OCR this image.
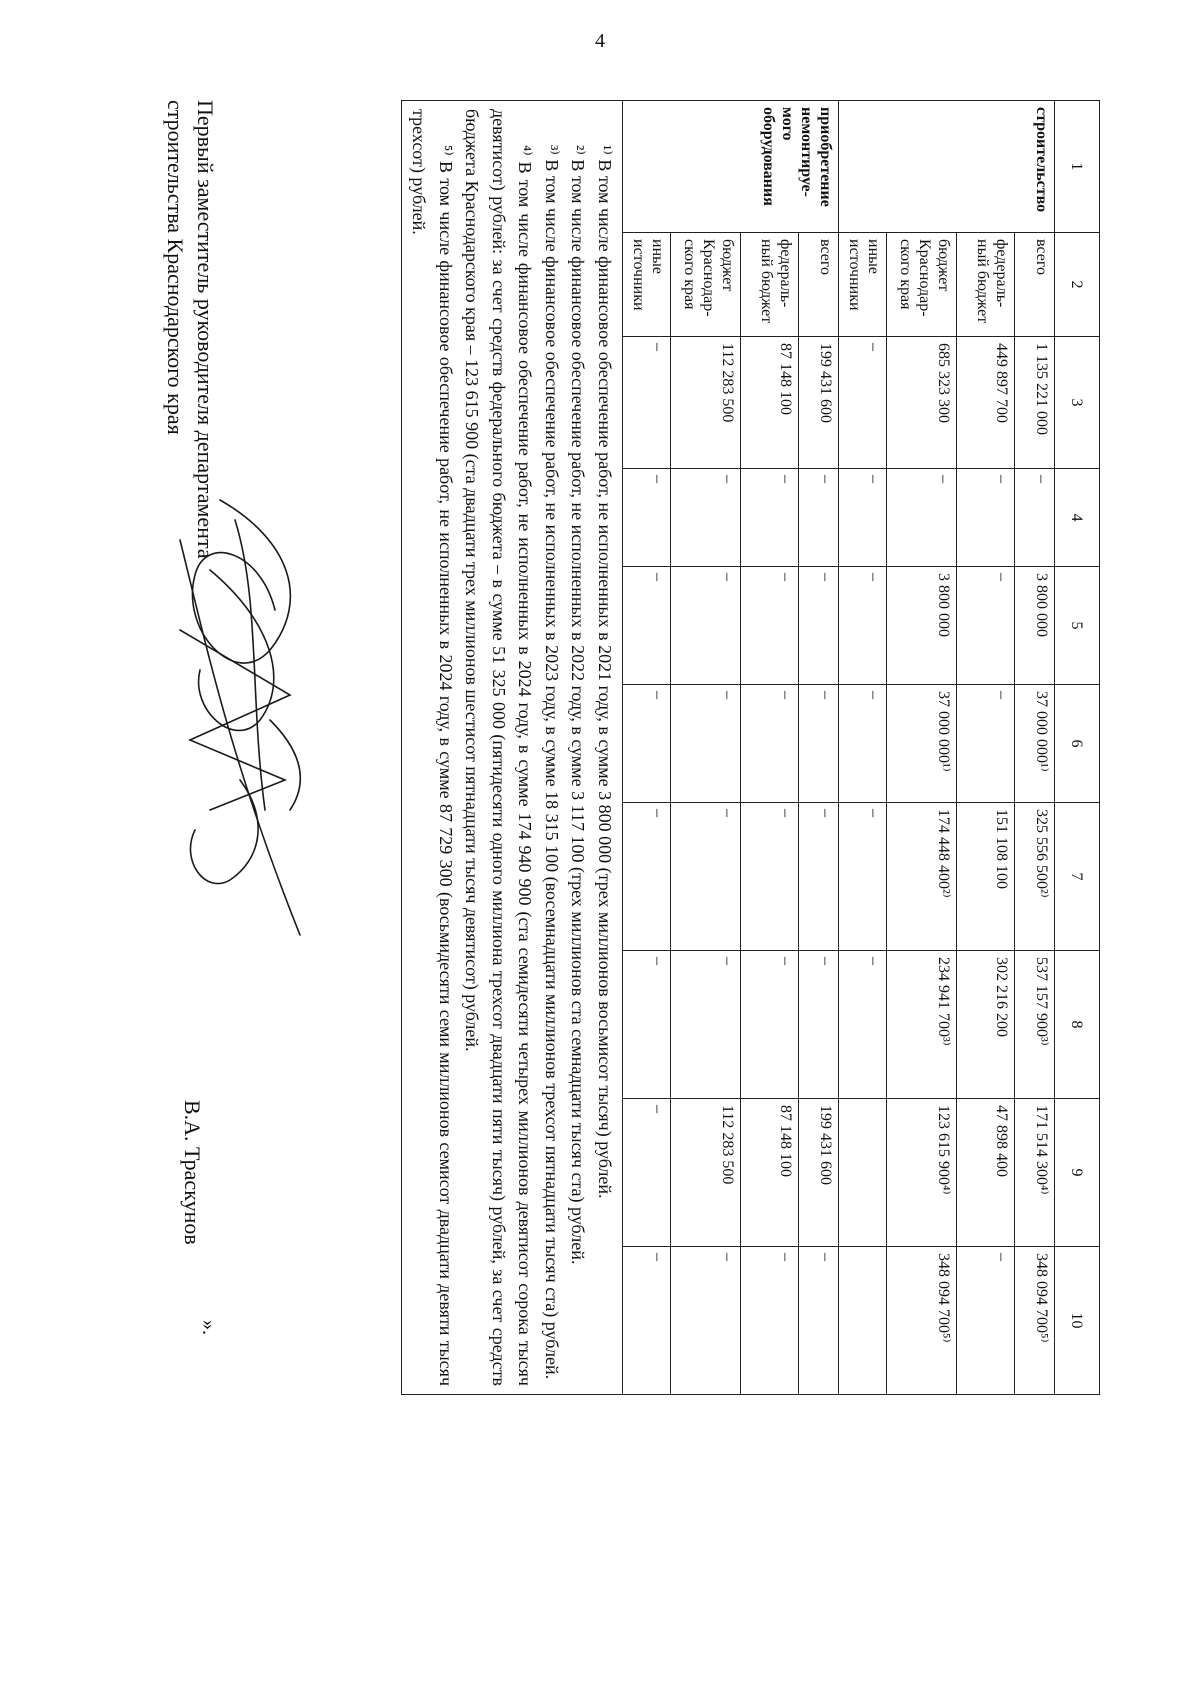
4
1	2	3	4	5	6	7	8	9	10
строительство	всего	1 135 221 000	–	3 800 000	37 000 000¹⁾	325 556 500²⁾	537 157 900³⁾	171 514 300⁴⁾	348 094 700⁵⁾
	федераль-ный бюджет	449 897 700	–	–	–	151 108 100	302 216 200	47 898 400	–
	бюджет Краснодар-ского края	685 323 300	–	3 800 000	37 000 000¹⁾	174 448 400²⁾	234 941 700³⁾	123 615 900⁴⁾	348 094 700⁵⁾
	иные источники	–	–	–	–	–	–		
приобретение немонтируе-мого оборудования	всего	199 431 600	–	–	–	–	–	199 431 600	–
	федераль-ный бюджет	87 148 100	–	–	–	–	–	87 148 100	–
	бюджет Краснодар-ского края	112 283 500	–	–	–	–	–	112 283 500	–
	иные источники	–	–	–	–	–	–	–	–

¹⁾ В том числе финансовое обеспечение работ, не исполненных в 2021 году, в сумме 3 800 000 (трех миллионов восьмисот тысяч) рублей.
²⁾ В том числе финансовое обеспечение работ, не исполненных в 2022 году, в сумме 3 117 100 (трех миллионов ста семнадцати тысяч ста) рублей.
³⁾ В том числе финансовое обеспечение работ, не исполненных в 2023 году, в сумме 18 315 100 (восемнадцати миллионов трехсот пятнадцати тысяч ста) рублей.
⁴⁾ В том числе финансовое обеспечение работ, не исполненных в 2024 году, в сумме 174 940 900 (ста семидесяти четырех миллионов девятисот сорока тысяч девятисот) рублей: за счет средств федерального бюджета – в сумме 51 325 000 (пятидесяти одного миллиона трехсот двадцати пяти тысяч) рублей, за счет средств бюджета Краснодарского края – 123 615 900 (ста двадцати трех миллионов шестисот пятнадцати тысяч девятисот) рублей.
⁵⁾ В том числе финансовое обеспечение работ, не исполненных в 2024 году, в сумме 87 729 300 (восьмидесяти семи миллионов семисот двадцати девяти тысяч трехсот) рублей.									
».
Первый заместитель руководителя департамента
строительства Краснодарского края
В.А. Траскунов
